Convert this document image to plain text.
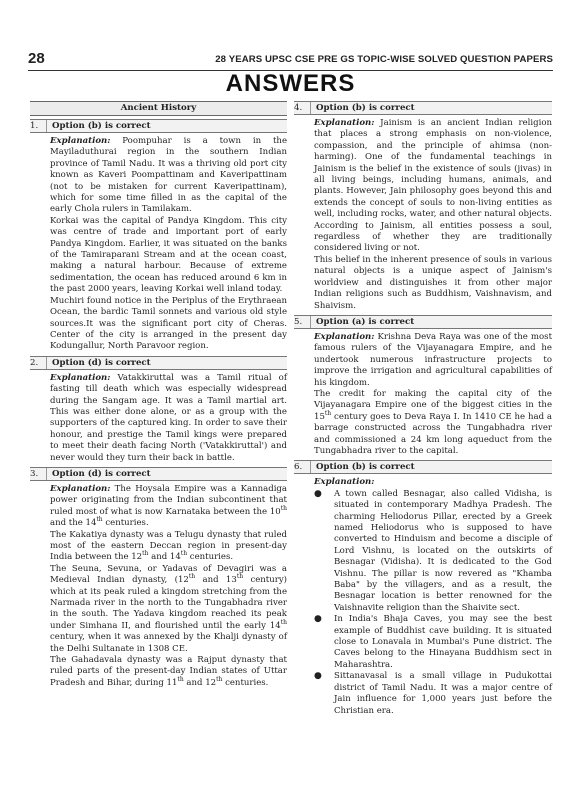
28	28 YEARS UPSC CSE PRE GS TOPIC-WISE SOLVED QUESTION PAPERS
ANSWERS
Ancient History
1.	Option (b) is correct

Explanation: Poompuhar is a town in the Mayiladuthurai region in the southern Indian province of Tamil Nadu. It was a thriving old port city known as Kaveri Poompattinam and Kaveripattinam (not to be mistaken for current Kaveripattinam), which for some time filled in as the capital of the early Chola rulers in Tamilakam.

Korkai was the capital of Pandya Kingdom. This city was centre of trade and important port of early Pandya Kingdom. Earlier, it was situated on the banks of the Tamiraparani Stream and at the ocean coast, making a natural harbour. Because of extreme sedimentation, the ocean has reduced around 6 km in the past 2000 years, leaving Korkai well inland today.

Muchiri found notice in the Periplus of the Erythraean Ocean, the bardic Tamil sonnets and various old style sources.It was the significant port city of Cheras. Center of the city is arranged in the present day Kodungallur, North Paravoor region.

2.	Option (d) is correct

Explanation: Vatakkiruttal was a Tamil ritual of fasting till death which was especially widespread during the Sangam age. It was a Tamil martial art. This was either done alone, or as a group with the supporters of the captured king. In order to save their honour, and prestige the Tamil kings were prepared to meet their death facing North ('Vatakkiruttal') and never would they turn their back in battle.

3.	Option (d) is correct

Explanation: The Hoysala Empire was a Kannadiga power originating from the Indian subcontinent that ruled most of what is now Karnataka between the 10th and the 14th centuries.

The Kakatiya dynasty was a Telugu dynasty that ruled most of the eastern Deccan region in present-day India between the 12th and 14th centuries.

The Seuna, Sevuna, or Yadavas of Devagiri was a Medieval Indian dynasty, (12th and 13th century) which at its peak ruled a kingdom stretching from the Narmada river in the north to the Tungabhadra river in the south. The Yadava kingdom reached its peak under Simhana II, and flourished until the early 14th century, when it was annexed by the Khalji dynasty of the Delhi Sultanate in 1308 CE.

The Gahadavala dynasty was a Rajput dynasty that ruled parts of the present-day Indian states of Uttar Pradesh and Bihar, during 11th and 12th centuries.

4.	Option (b) is correct

Explanation: Jainism is an ancient Indian religion that places a strong emphasis on non-violence, compassion, and the principle of ahimsa (non-harming). One of the fundamental teachings in Jainism is the belief in the existence of souls (jivas) in all living beings, including humans, animals, and plants. However, Jain philosophy goes beyond this and extends the concept of souls to non-living entities as well, including rocks, water, and other natural objects. According to Jainism, all entities possess a soul, regardless of whether they are traditionally considered living or not.

This belief in the inherent presence of souls in various natural objects is a unique aspect of Jainism's worldview and distinguishes it from other major Indian religions such as Buddhism, Vaishnavism, and Shaivism.

5.	Option (a) is correct

Explanation: Krishna Deva Raya was one of the most famous rulers of the Vijayanagara Empire, and he undertook numerous infrastructure projects to improve the irrigation and agricultural capabilities of his kingdom.

The credit for making the capital city of the Vijayanagara Empire one of the biggest cities in the 15th century goes to Deva Raya I. In 1410 CE he had a barrage constructed across the Tungabhadra river and commissioned a 24 km long aqueduct from the Tungabhadra river to the capital.

6.	Option (b) is correct

Explanation:

●	A town called Besnagar, also called Vidisha, is situated in contemporary Madhya Pradesh. The charming Heliodorus Pillar, erected by a Greek named Heliodorus who is supposed to have converted to Hinduism and become a disciple of Lord Vishnu, is located on the outskirts of Besnagar (Vidisha). It is dedicated to the God Vishnu. The pillar is now revered as "Khamba Baba" by the villagers, and as a result, the Besnagar location is better renowned for the Vaishnavite religion than the Shaivite sect.
●	In India's Bhaja Caves, you may see the best example of Buddhist cave building. It is situated close to Lonavala in Mumbai's Pune district. The Caves belong to the Hinayana Buddhism sect in Maharashtra.
●	Sittanavasal is a small village in Pudukottai district of Tamil Nadu. It was a major centre of Jain influence for 1,000 years just before the Christian era.
